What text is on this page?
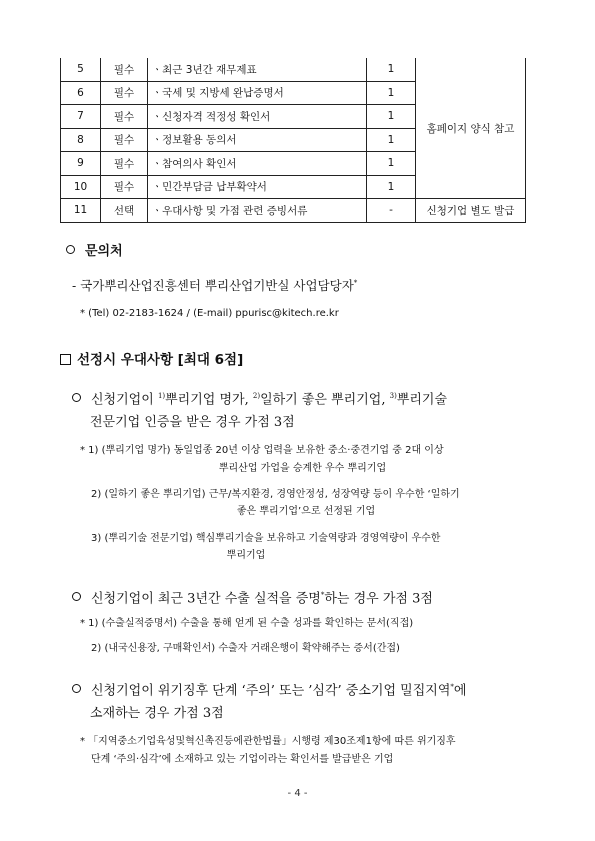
5	필수	ㆍ최근 3년간 재무제표	1	홈페이지 양식 참고
6	필수	ㆍ국세 및 지방세 완납증명서	1	
7	필수	ㆍ신청자격 적정성 확인서	1	
8	필수	ㆍ정보활용 동의서	1	
9	필수	ㆍ참여의사 확인서	1	
10	필수	ㆍ민간부담금 납부확약서	1	
11	선택	ㆍ우대사항 및 가점 관련 증빙서류	-	신청기업 별도 발급
문의처
- 국가뿌리산업진흥센터 뿌리산업기반실 사업담당자*
* (Tel) 02-2183-1624 / (E-mail) ppurisc@kitech.re.kr
선정시 우대사항 [최대 6점]
신청기업이 $^{1)}$뿌리기업 명가, $^{2)}$일하기 좋은 뿌리기업, $^{3)}$뿌리기술
전문기업 인증을 받은 경우 가점 3점
* 1) (뿌리기업 명가) 동일업종 20년 이상 업력을 보유한 중소·중견기업 중 2대 이상
뿌리산업 가업을 승계한 우수 뿌리기업
2) (일하기 좋은 뿌리기업) 근무/복지환경, 경영안정성, 성장역량 등이 우수한 ‘일하기
좋은 뿌리기업’으로 선정된 기업
3) (뿌리기술 전문기업) 핵심뿌리기술을 보유하고 기술역량과 경영역량이 우수한
뿌리기업
신청기업이 최근 3년간 수출 실적을 증명*하는 경우 가점 3점
* 1) (수출실적증명서) 수출을 통해 얻게 된 수출 성과를 확인하는 문서(직접)
2) (내국신용장, 구매확인서) 수출자 거래은행이 확약해주는 증서(간접)
신청기업이 위기징후 단계 ‘주의’ 또는 ’심각’ 중소기업 밀집지역*에
소재하는 경우 가점 3점
* 「지역중소기업육성및혁신촉진등에관한법률」시행령 제30조제1항에 따른 위기징후
단계 ‘주의·심각’에 소재하고 있는 기업이라는 확인서를 발급받은 기업
- 4 -
